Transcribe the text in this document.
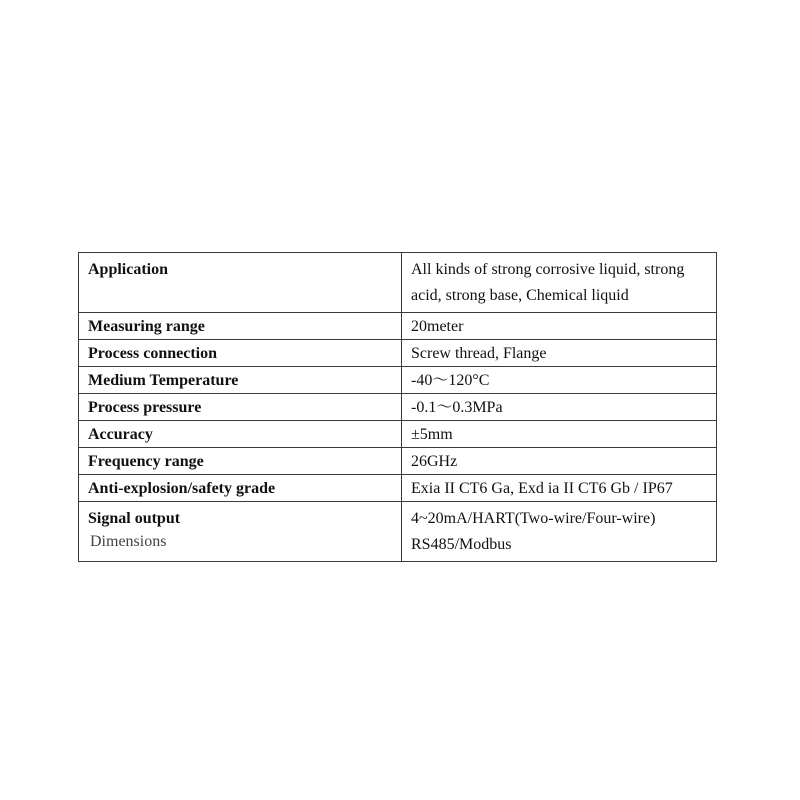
Application	All kinds of strong corrosive liquid, strong
acid, strong base, Chemical liquid
Measuring range	20meter
Process connection	Screw thread, Flange
Medium Temperature	-40～120°C
Process pressure	-0.1～0.3MPa
Accuracy	±5mm
Frequency range	26GHz
Anti-explosion/safety grade	Exia II CT6 Ga, Exd ia II CT6 Gb / IP67
Signal output	4~20mA/HART(Two-wire/Four-wire)
RS485/Modbus
Dimensions
